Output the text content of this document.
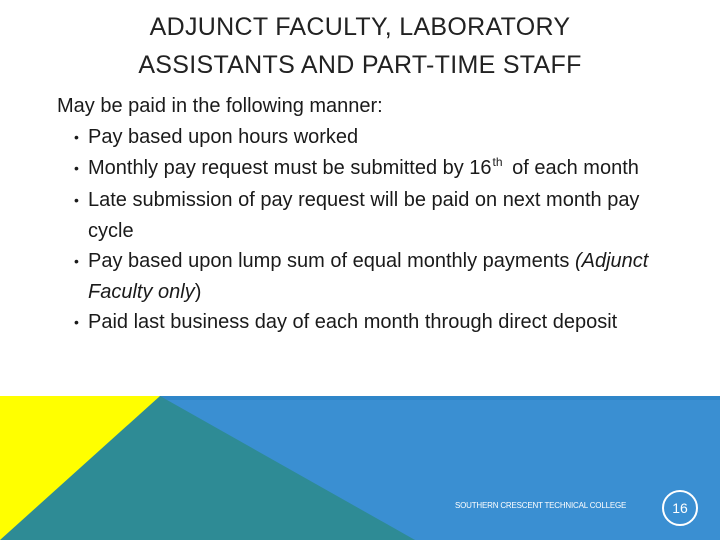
ADJUNCT FACULTY, LABORATORY
ASSISTANTS AND PART-TIME STAFF
May be paid in the following manner:
• Pay based upon hours worked
• Monthly pay request must be submitted by 16th of each month
• Late submission of pay request will be paid on next month pay cycle
• Pay based upon lump sum of equal monthly payments (Adjunct Faculty only)
• Paid last business day of each month through direct deposit
SOUTHERN CRESCENT TECHNICAL COLLEGE	16
